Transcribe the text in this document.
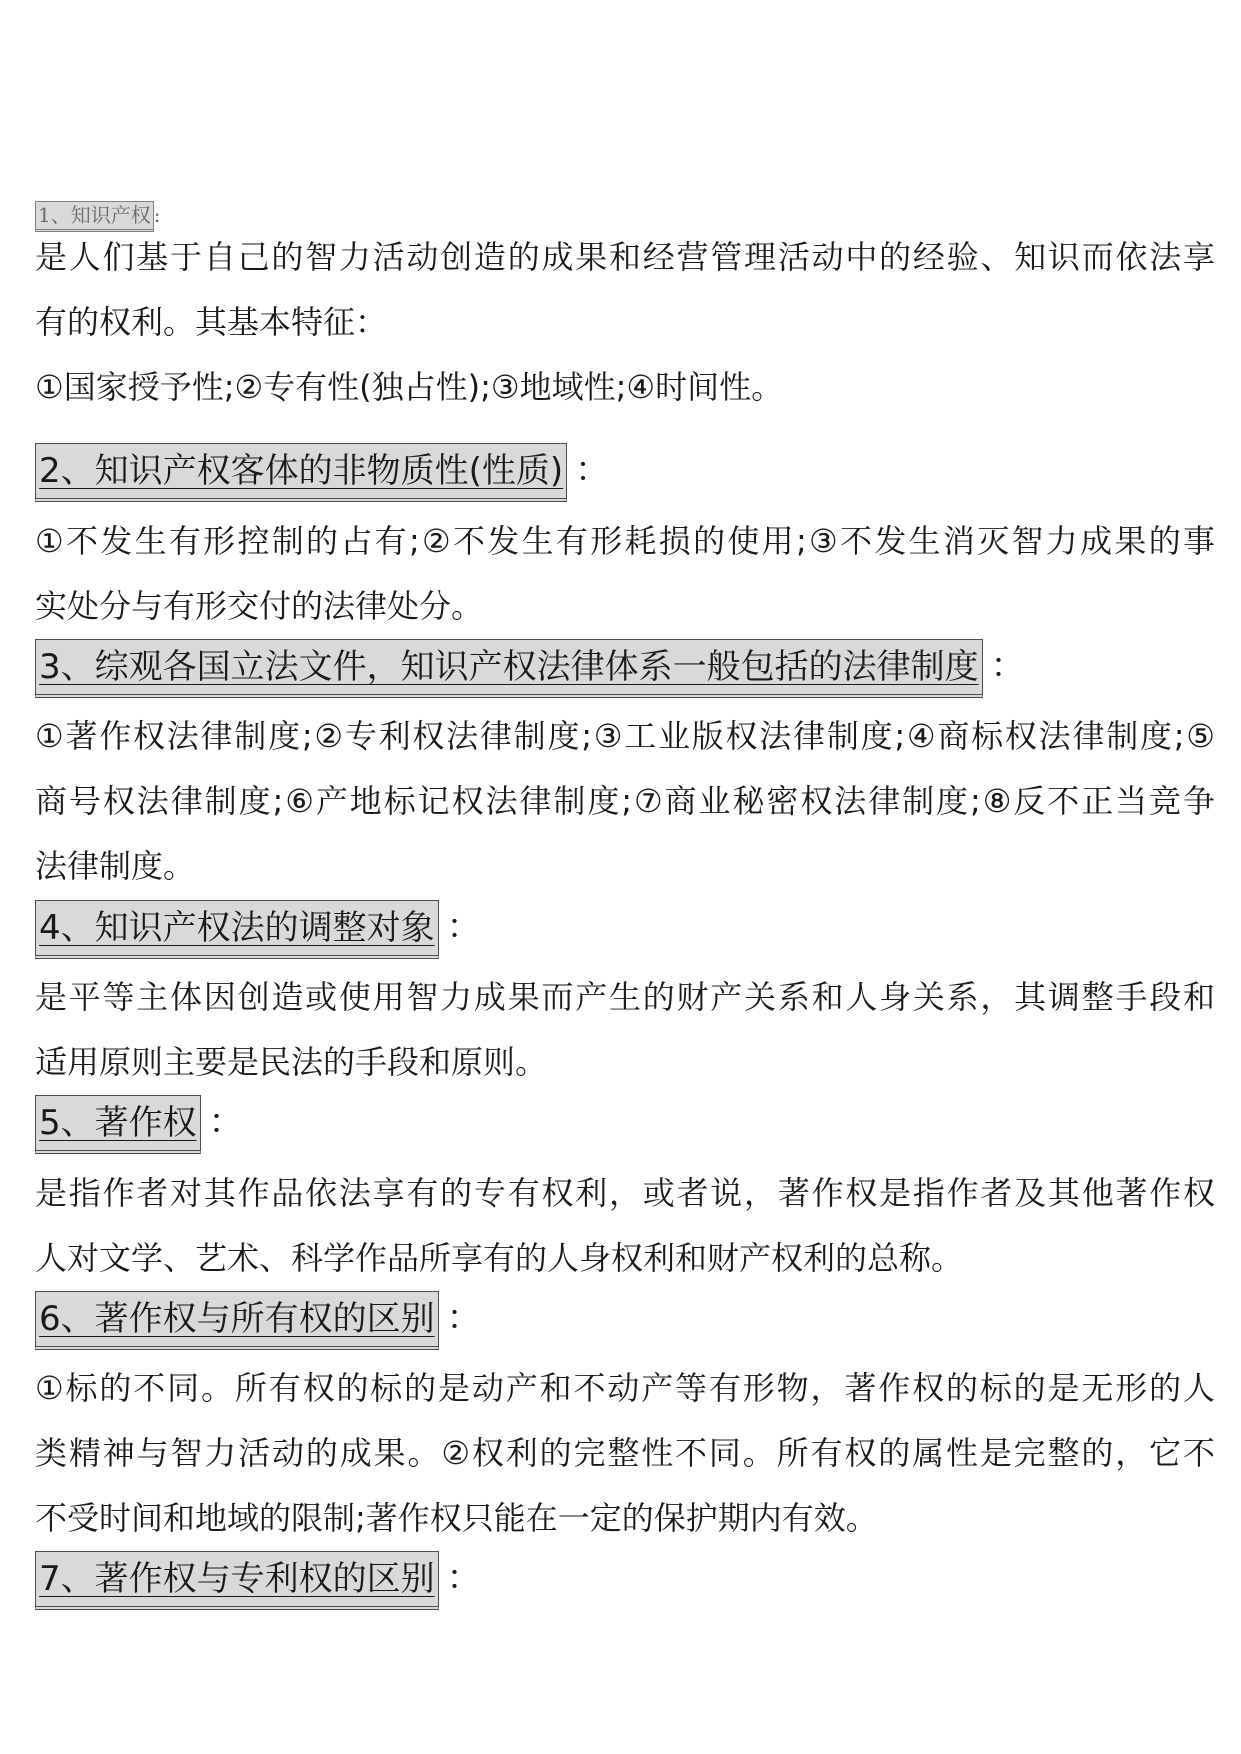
1、知识产权 :
是人们基于自己的智力活动创造的成果和经营管理活动中的经验、知识而依法享
有的权利。其基本特征：
①国家授予性;②专有性(独占性);③地域性;④时间性。
2、知识产权客体的非物质性(性质) ：
①不发生有形控制的占有;②不发生有形耗损的使用;③不发生消灭智力成果的事
实处分与有形交付的法律处分。
3、综观各国立法文件，知识产权法律体系一般包括的法律制度 ：
①著作权法律制度;②专利权法律制度;③工业版权法律制度;④商标权法律制度;⑤
商号权法律制度;⑥产地标记权法律制度;⑦商业秘密权法律制度;⑧反不正当竞争
法律制度。
4、知识产权法的调整对象 ：
是平等主体因创造或使用智力成果而产生的财产关系和人身关系，其调整手段和
适用原则主要是民法的手段和原则。
5、著作权 ：
是指作者对其作品依法享有的专有权利，或者说，著作权是指作者及其他著作权
人对文学、艺术、科学作品所享有的人身权利和财产权利的总称。
6、著作权与所有权的区别 ：
①标的不同。所有权的标的是动产和不动产等有形物，著作权的标的是无形的人
类精神与智力活动的成果。②权利的完整性不同。所有权的属性是完整的，它不
不受时间和地域的限制;著作权只能在一定的保护期内有效。
7、著作权与专利权的区别 ：
